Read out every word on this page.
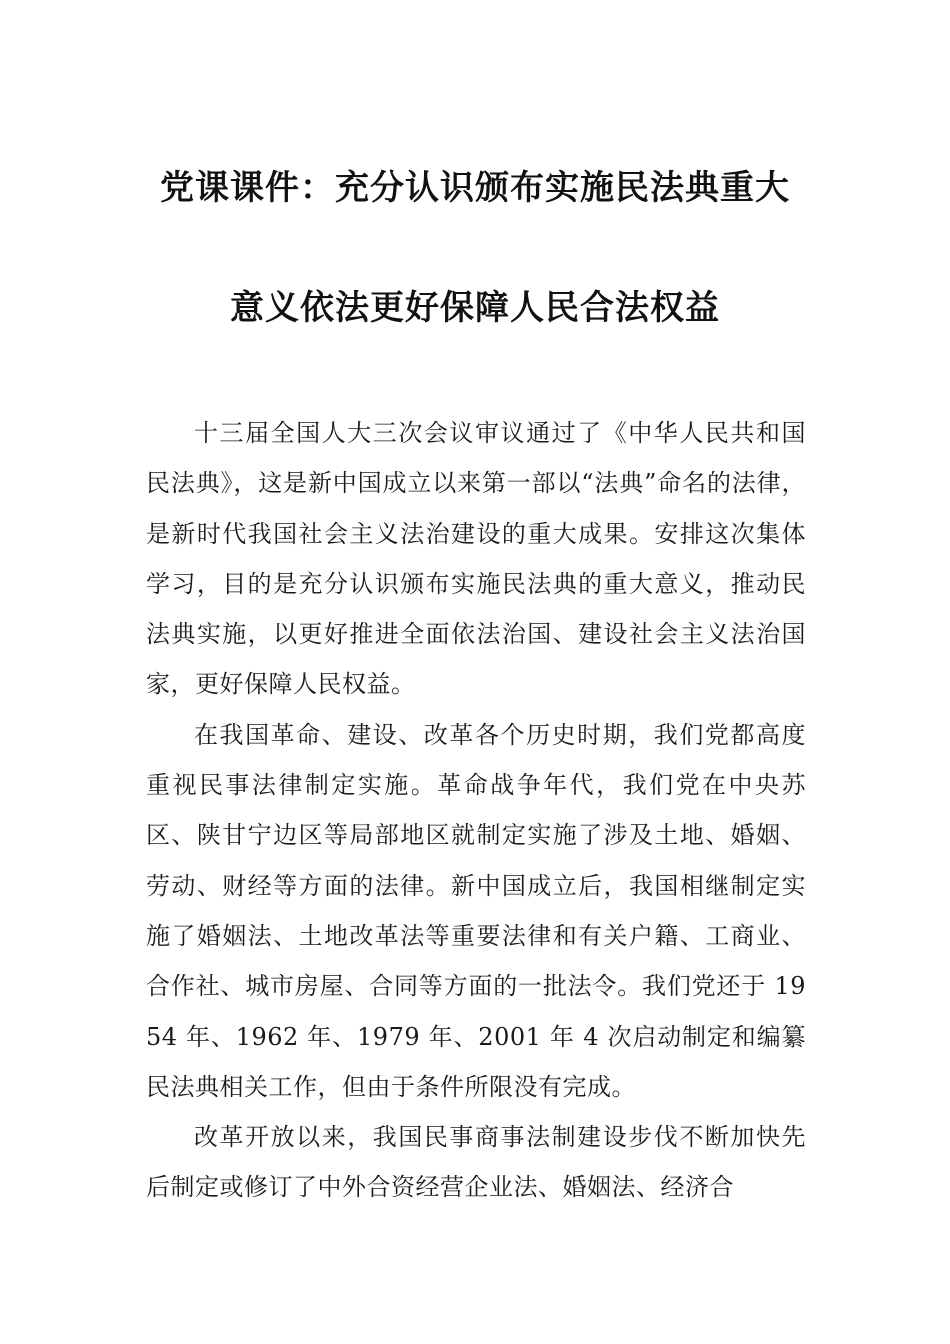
党课课件：充分认识颁布实施民法典重大
意义依法更好保障人民合法权益

十三届全国人大三次会议审议通过了《中华人民共和国民法典》，这是新中国成立以来第一部以“法典”命名的法律，是新时代我国社会主义法治建设的重大成果。安排这次集体学习，目的是充分认识颁布实施民法典的重大意义，推动民法典实施，以更好推进全面依法治国、建设社会主义法治国家，更好保障人民权益。

在我国革命、建设、改革各个历史时期，我们党都高度重视民事法律制定实施。革命战争年代，我们党在中央苏区、陕甘宁边区等局部地区就制定实施了涉及土地、婚姻、劳动、财经等方面的法律。新中国成立后，我国相继制定实施了婚姻法、土地改革法等重要法律和有关户籍、工商业、合作社、城市房屋、合同等方面的一批法令。我们党还于 1954 年、1962 年、1979 年、2001 年 4 次启动制定和编纂民法典相关工作，但由于条件所限没有完成。

改革开放以来，我国民事商事法制建设步伐不断加快先后制定或修订了中外合资经营企业法、婚姻法、经济合
